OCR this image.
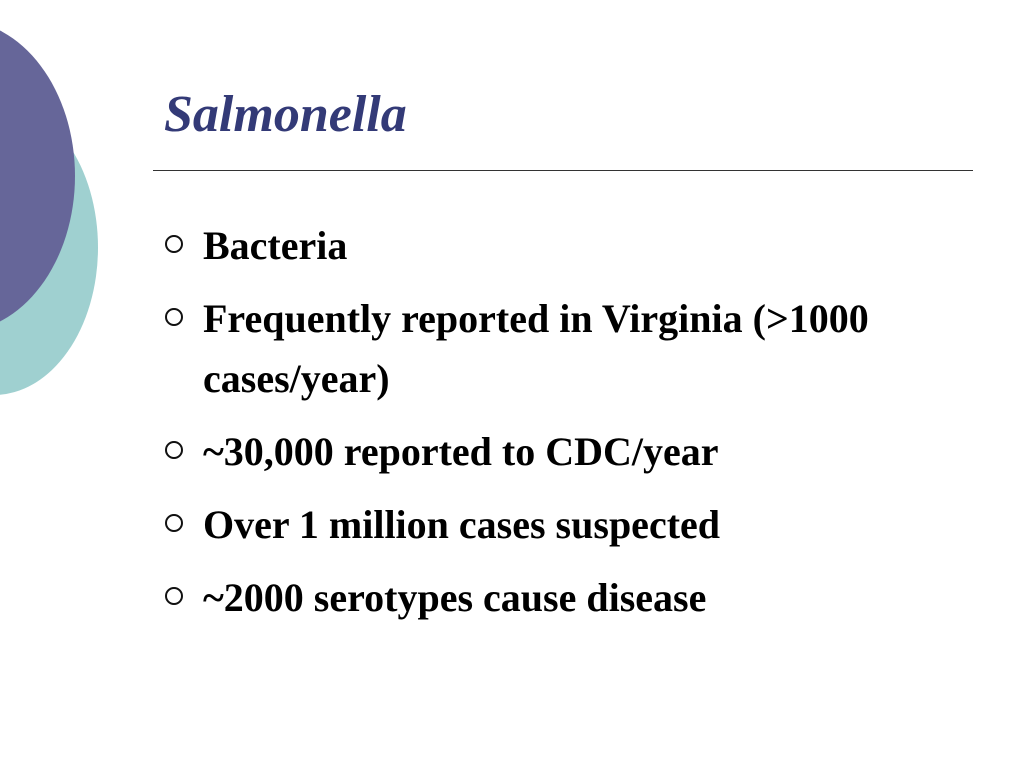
Salmonella
Bacteria
Frequently reported in Virginia (>1000 cases/year)
~30,000 reported to CDC/year
Over 1 million cases suspected
~2000 serotypes cause disease
